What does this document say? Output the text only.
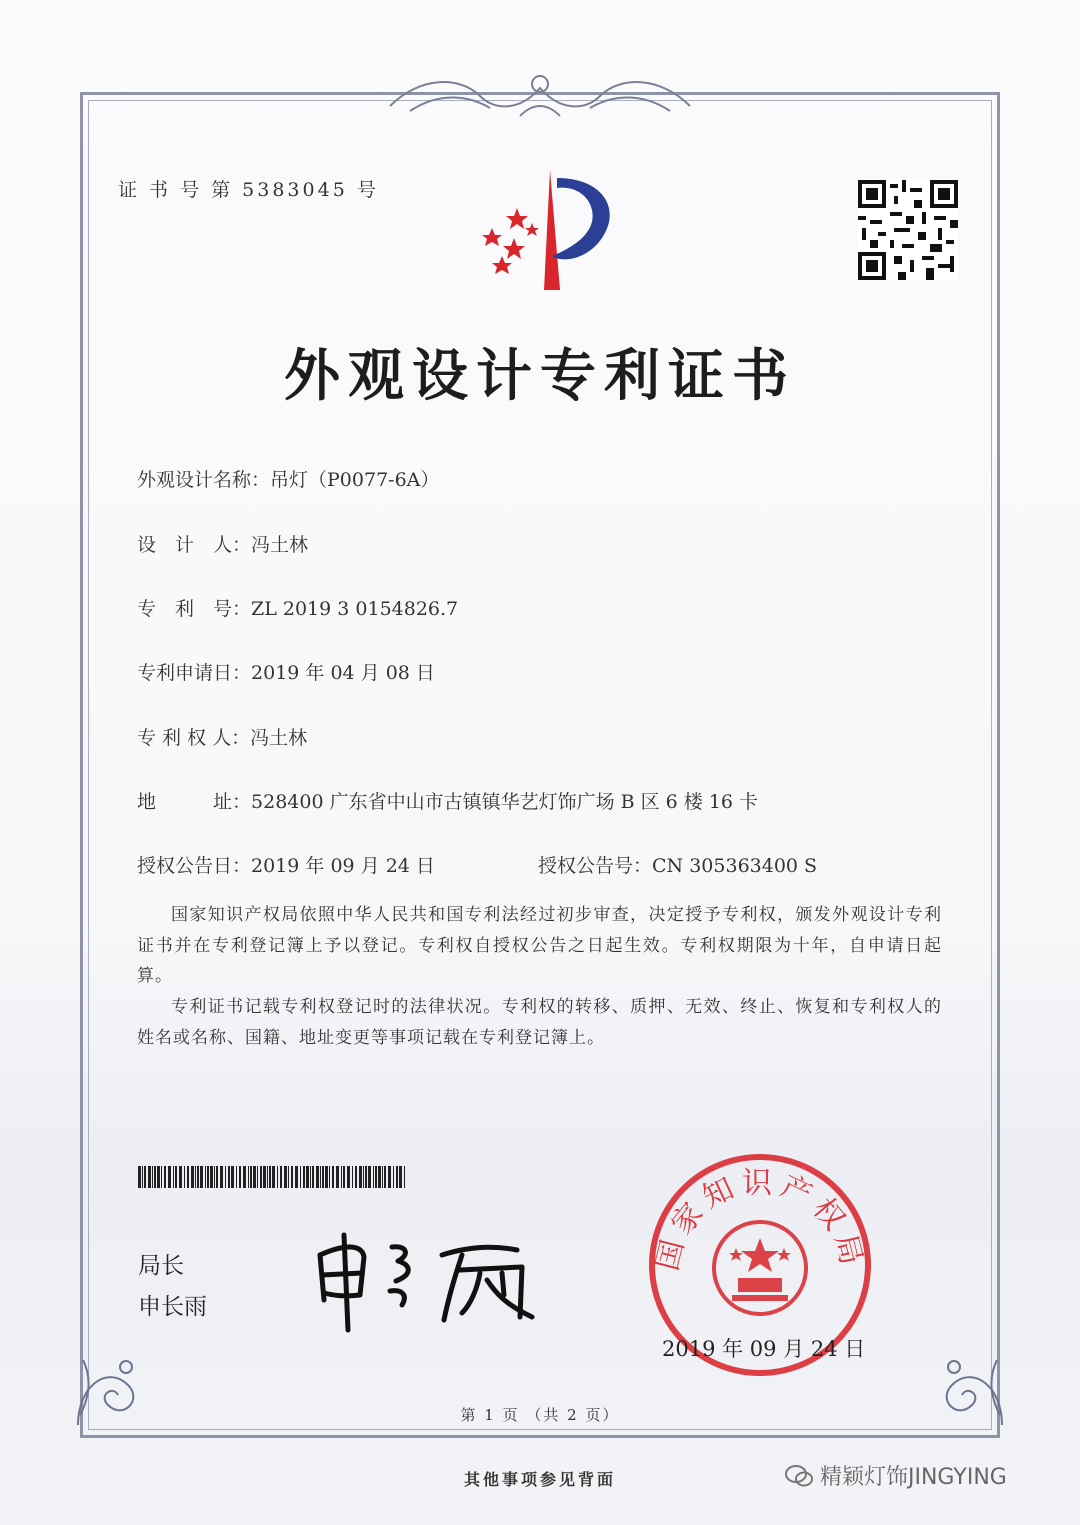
证 书 号 第 5383045 号
外观设计专利证书
外观设计名称：吊灯（P0077-6A）
设　计　人：冯土林
专　利　号：ZL 2019 3 0154826.7
专利申请日：2019 年 04 月 08 日
专 利 权 人：冯土林
地　　　址：528400 广东省中山市古镇镇华艺灯饰广场 B 区 6 楼 16 卡
授权公告日：2019 年 09 月 24 日	授权公告号：CN 305363400 S
国家知识产权局依照中华人民共和国专利法经过初步审查，决定授予专利权，颁发外观设计专利证书并在专利登记簿上予以登记。专利权自授权公告之日起生效。专利权期限为十年，自申请日起算。
专利证书记载专利权登记时的法律状况。专利权的转移、质押、无效、终止、恢复和专利权人的姓名或名称、国籍、地址变更等事项记载在专利登记簿上。
局长
申长雨
国家知识产权局
2019 年 09 月 24 日
第 1 页 （共 2 页）
其他事项参见背面	精颖灯饰JINGYING
